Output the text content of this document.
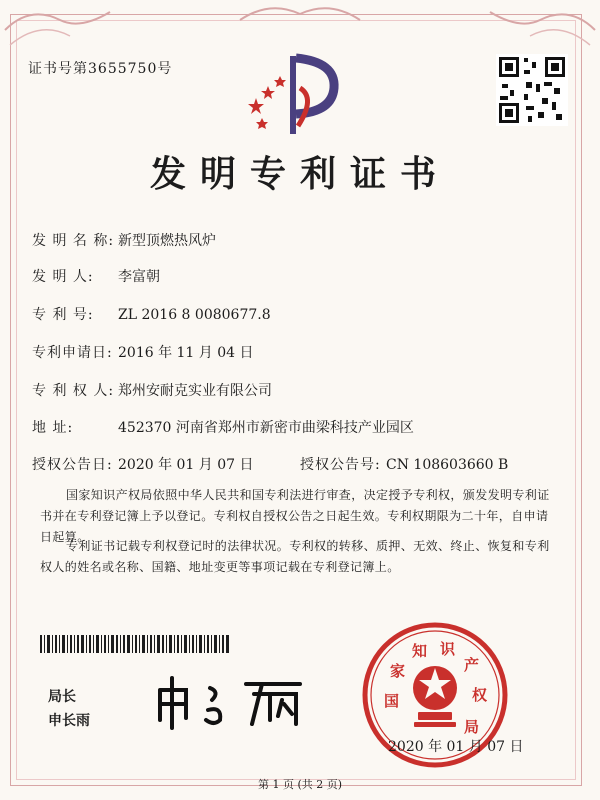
证书号第3655750号
发明专利证书
发 明 名 称: 新型顶燃热风炉
发 明 人: 李富朝
专 利 号: ZL 2016 8 0080677.8
专利申请日: 2016 年 11 月 04 日
专 利 权 人: 郑州安耐克实业有限公司
地 址:	452370 河南省郑州市新密市曲梁科技产业园区
授权公告日: 2020 年 01 月 07 日	授权公告号: CN 108603660 B
国家知识产权局依照中华人民共和国专利法进行审查，决定授予专利权，颁发发明专利证书并在专利登记簿上予以登记。专利权自授权公告之日起生效。专利权期限为二十年，自申请日起算。
专利证书记载专利权登记时的法律状况。专利权的转移、质押、无效、终止、恢复和专利权人的姓名或名称、国籍、地址变更等事项记载在专利登记簿上。
局长
申长雨
国
家
知 识
产
权
局
2020 年 01 月 07 日
第 1 页 (共 2 页)
